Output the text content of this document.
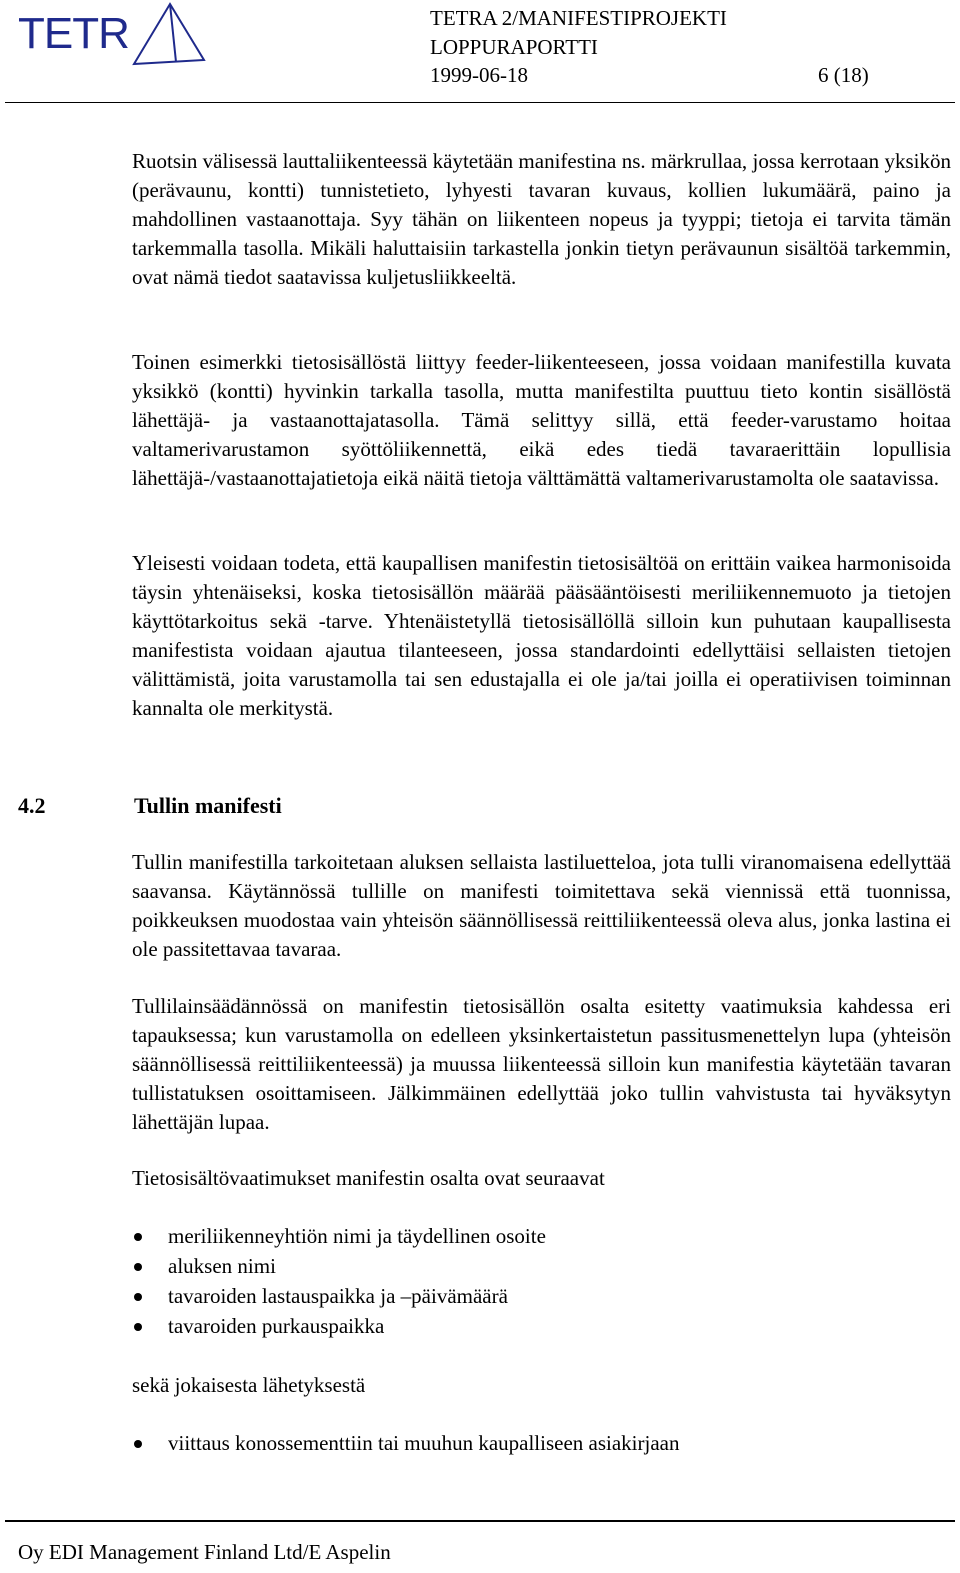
TETR	TETRA 2/MANIFESTIPROJEKTI
LOPPURAPORTTI
1999-06-18	6 (18)
Ruotsin välisessä lauttaliikenteessä käytetään manifestina ns. märkrullaa, jossa kerrotaan yksikön (perävaunu, kontti) tunnistetieto, lyhyesti tavaran kuvaus, kollien lukumäärä, paino ja mahdollinen vastaanottaja. Syy tähän on liikenteen nopeus ja tyyppi; tietoja ei tarvita tämän tarkemmalla tasolla. Mikäli haluttaisiin tarkastella jonkin tietyn perävaunun sisältöä tarkemmin, ovat nämä tiedot saatavissa kuljetusliikkeeltä.
Toinen esimerkki tietosisällöstä liittyy feeder-liikenteeseen, jossa voidaan manifestilla kuvata yksikkö (kontti) hyvinkin tarkalla tasolla, mutta manifestilta puuttuu tieto kontin sisällöstä lähettäjä- ja vastaanottajatasolla. Tämä selittyy sillä, että feeder-varustamo hoitaa valtamerivarustamon syöttöliikennettä, eikä edes tiedä tavaraerittäin lopullisia lähettäjä-/vastaanottajatietoja eikä näitä tietoja välttämättä valtamerivarustamolta ole saatavissa.
Yleisesti voidaan todeta, että kaupallisen manifestin tietosisältöä on erittäin vaikea harmonisoida täysin yhtenäiseksi, koska tietosisällön määrää pääsääntöisesti meriliikennemuoto ja tietojen käyttötarkoitus sekä -tarve. Yhtenäistetyllä tietosisällöllä silloin kun puhutaan kaupallisesta manifestista voidaan ajautua tilanteeseen, jossa standardointi edellyttäisi sellaisten tietojen välittämistä, joita varustamolla tai sen edustajalla ei ole ja/tai joilla ei operatiivisen toiminnan kannalta ole merkitystä.
4.2	Tullin manifesti
Tullin manifestilla tarkoitetaan aluksen sellaista lastiluetteloa, jota tulli viranomaisena edellyttää saavansa. Käytännössä tullille on manifesti toimitettava sekä viennissä että tuonnissa, poikkeuksen muodostaa vain yhteisön säännöllisessä reittiliikenteessä oleva alus, jonka lastina ei ole passitettavaa tavaraa.
Tullilainsäädännössä on manifestin tietosisällön osalta esitetty vaatimuksia kahdessa eri tapauksessa; kun varustamolla on edelleen yksinkertaistetun passitusmenettelyn lupa (yhteisön säännöllisessä reittiliikenteessä) ja muussa liikenteessä silloin kun manifestia käytetään tavaran tullistatuksen osoittamiseen. Jälkimmäinen edellyttää joko tullin vahvistusta tai hyväksytyn lähettäjän lupaa.
Tietosisältövaatimukset manifestin osalta ovat seuraavat
meriliikenneyhtiön nimi ja täydellinen osoite
aluksen nimi
tavaroiden lastauspaikka ja –päivämäärä
tavaroiden purkauspaikka
sekä jokaisesta lähetyksestä
viittaus konossementtiin tai muuhun kaupalliseen asiakirjaan
Oy EDI Management Finland Ltd/E Aspelin
